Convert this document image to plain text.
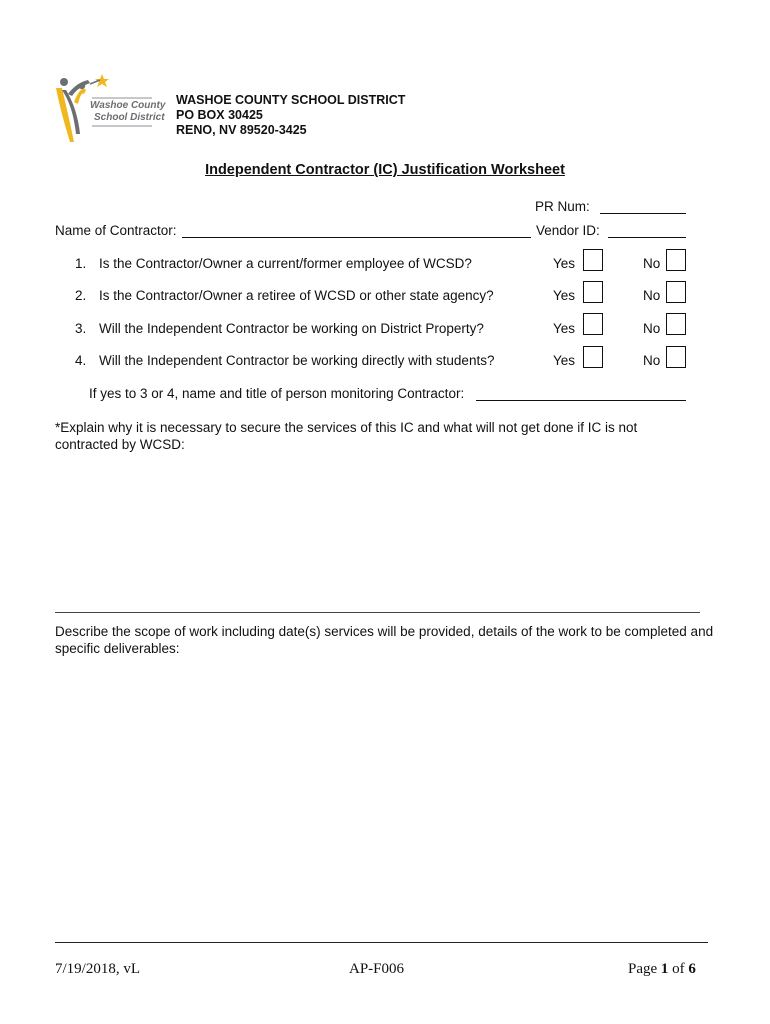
Washoe County
School District
WASHOE COUNTY SCHOOL DISTRICT
PO BOX 30425
RENO, NV 89520-3425
Independent Contractor (IC) Justification Worksheet
PR Num:
Name of Contractor:	Vendor ID:
1. Is the Contractor/Owner a current/former employee of WCSD?	Yes	No
2. Is the Contractor/Owner a retiree of WCSD or other state agency?	Yes	No
3. Will the Independent Contractor be working on District Property?	Yes	No
4. Will the Independent Contractor be working directly with students?	Yes	No
If yes to 3 or 4, name and title of person monitoring Contractor:
*Explain why it is necessary to secure the services of this IC and what will not get done if IC is not contracted by WCSD:
Describe the scope of work including date(s) services will be provided, details of the work to be completed and specific deliverables:
7/19/2018, vL	AP-F006	Page 1 of 6
